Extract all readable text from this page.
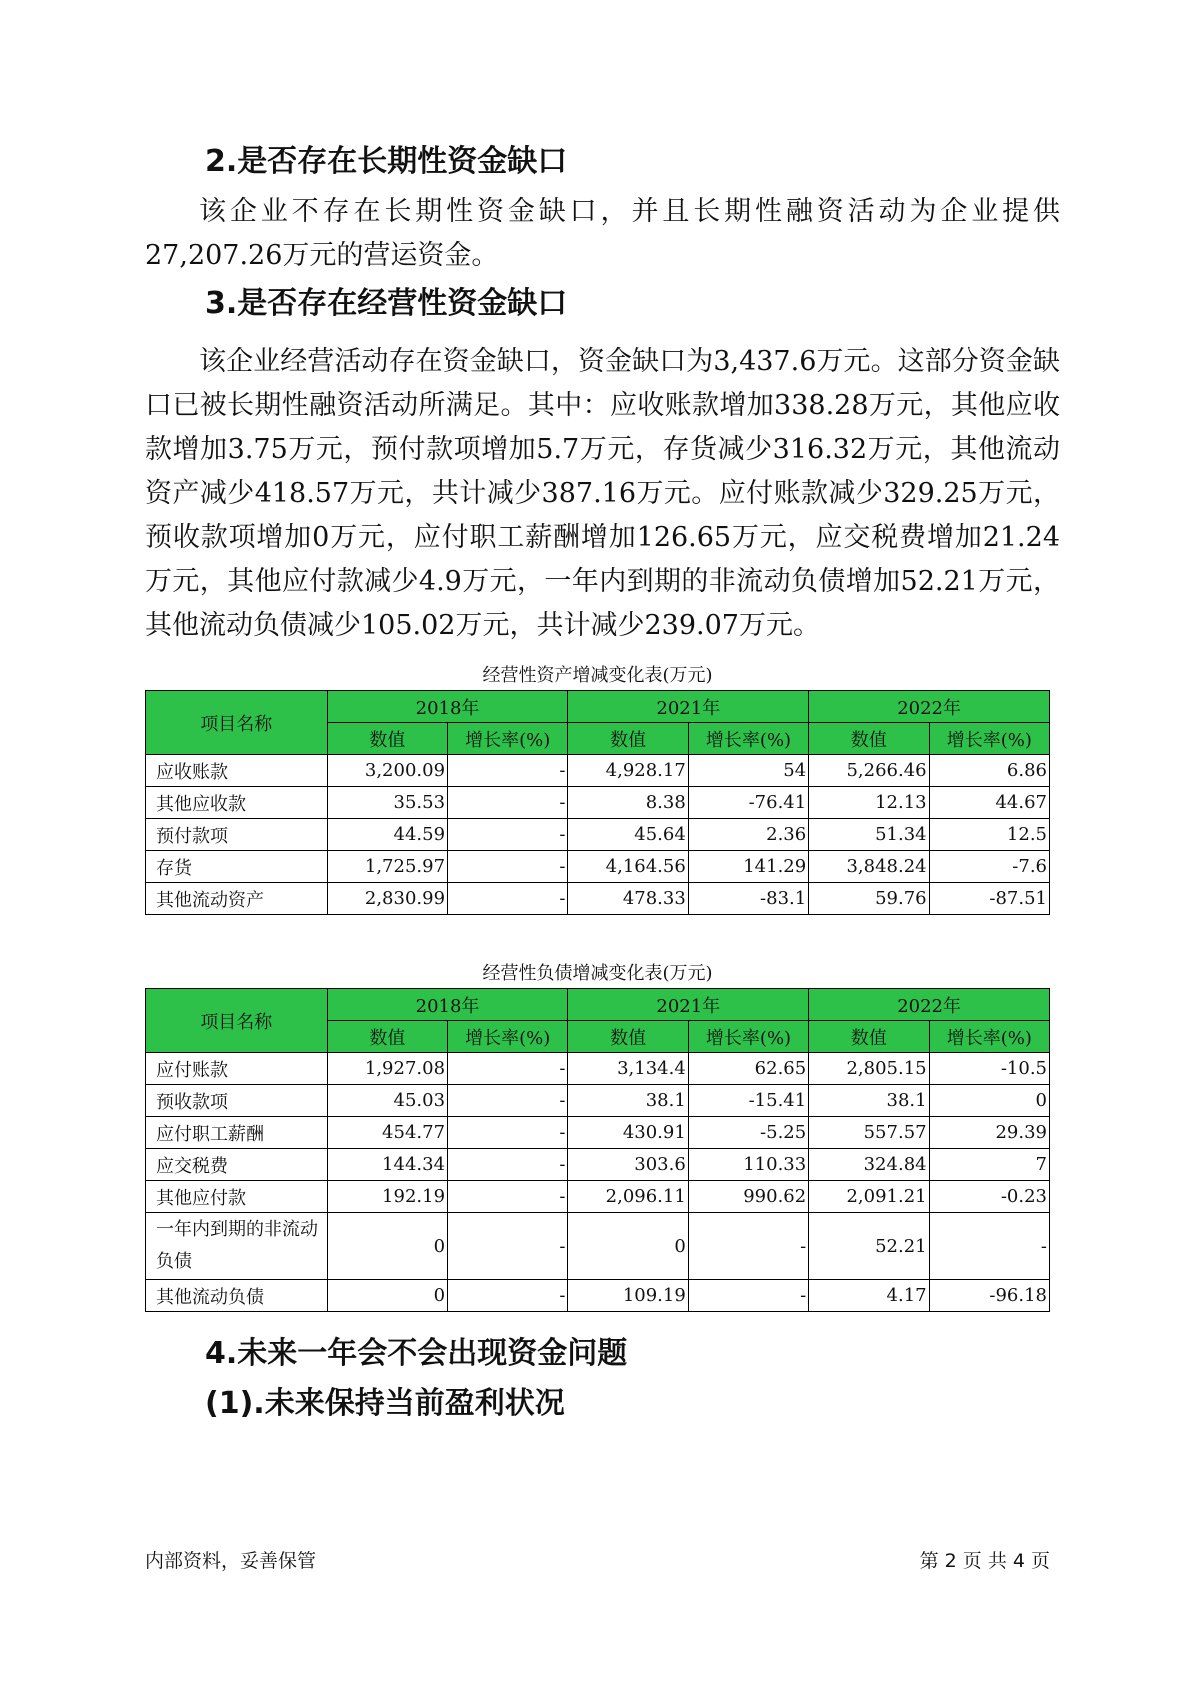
2.是否存在长期性资金缺口

该企业不存在长期性资金缺口，并且长期性融资活动为企业提供27,207.26万元的营运资金。

3.是否存在经营性资金缺口

该企业经营活动存在资金缺口，资金缺口为3,437.6万元。这部分资金缺口已被长期性融资活动所满足。其中：应收账款增加338.28万元，其他应收款增加3.75万元，预付款项增加5.7万元，存货减少316.32万元，其他流动资产减少418.57万元，共计减少387.16万元。应付账款减少329.25万元，预收款项增加0万元，应付职工薪酬增加126.65万元，应交税费增加21.24万元，其他应付款减少4.9万元，一年内到期的非流动负债增加52.21万元，其他流动负债减少105.02万元，共计减少239.07万元。

经营性资产增减变化表(万元)
项目名称	2018年		2021年		2022年	
	数值	增长率(%)	数值	增长率(%)	数值	增长率(%)
应收账款	3,200.09	-	4,928.17	54	5,266.46	6.86
其他应收款	35.53	-	8.38	-76.41	12.13	44.67
预付款项	44.59	-	45.64	2.36	51.34	12.5
存货	1,725.97	-	4,164.56	141.29	3,848.24	-7.6
其他流动资产	2,830.99	-	478.33	-83.1	59.76	-87.51
经营性负债增减变化表(万元)
项目名称	2018年		2021年		2022年	
	数值	增长率(%)	数值	增长率(%)	数值	增长率(%)
应付账款	1,927.08	-	3,134.4	62.65	2,805.15	-10.5
预收款项	45.03	-	38.1	-15.41	38.1	0
应付职工薪酬	454.77	-	430.91	-5.25	557.57	29.39
应交税费	144.34	-	303.6	110.33	324.84	7
其他应付款	192.19	-	2,096.11	990.62	2,091.21	-0.23
一年内到期的非流动负债	0	-	0	-	52.21	-
其他流动负债	0	-	109.19	-	4.17	-96.18
4.未来一年会不会出现资金问题
(1).未来保持当前盈利状况
内部资料，妥善保管	第 2 页 共 4 页
